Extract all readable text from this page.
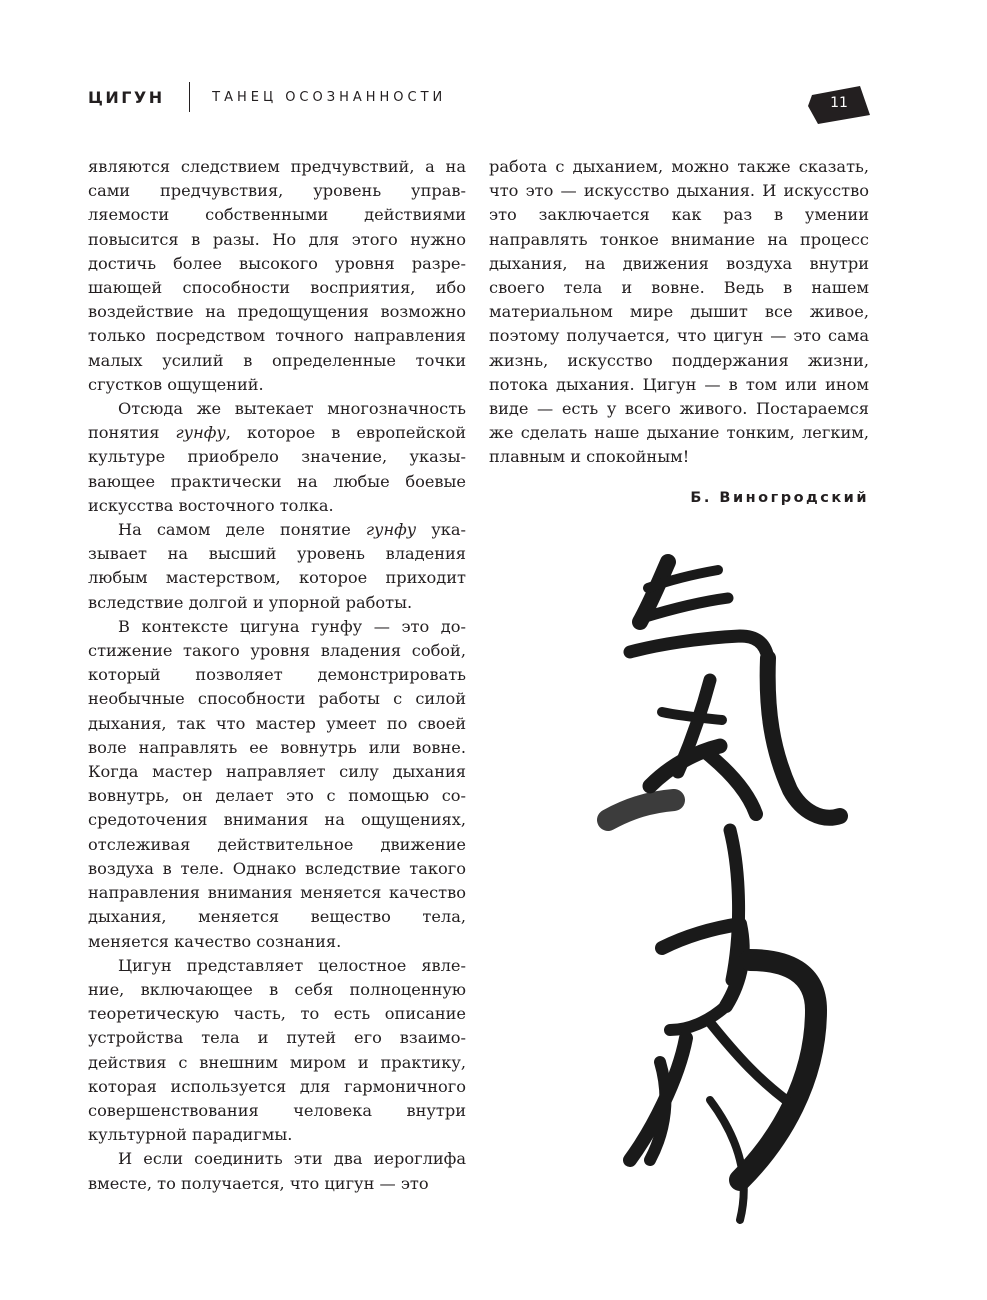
ЦИГУН	ТАНЕЦ ОСОЗНАННОСТИ	11

являются следствием предчувствий, а на сами предчувствия, уровень управляемости собственными действиями повысится в разы. Но для этого нужно достичь более высокого уровня разрешающей способности восприятия, ибо воздействие на предощущения возможно только посредством точного направления малых усилий в определенные точки сгустков ощущений.

Отсюда же вытекает многозначность понятия гунфу, которое в европейской культуре приобрело значение, указывающее практически на любые боевые искусства восточного толка.

На самом деле понятие гунфу указывает на высший уровень владения любым мастерством, которое приходит вследствие долгой и упорной работы.

В контексте цигуна гунфу — это достижение такого уровня владения собой, который позволяет демонстрировать необычные способности работы с силой дыхания, так что мастер умеет по своей воле направлять ее вовнутрь или вовне. Когда мастер направляет силу дыхания вовнутрь, он делает это с помощью сосредоточения внимания на ощущениях, отслеживая действительное движение воздуха в теле. Однако вследствие такого направления внимания меняется качество дыхания, меняется вещество тела, меняется качество сознания.

Цигун представляет целостное явление, включающее в себя полноценную теоретическую часть, то есть описание устройства тела и путей его взаимодействия с внешним миром и практику, которая используется для гармоничного совершенствования человека внутри культурной парадигмы.

И если соединить эти два иероглифа вместе, то получается, что цигун — это

работа с дыханием, можно также сказать, что это — искусство дыхания. И искусство это заключается как раз в умении направлять тонкое внимание на процесс дыхания, на движения воздуха внутри своего тела и вовне. Ведь в нашем материальном мире дышит все живое, поэтому получается, что цигун — это сама жизнь, искусство поддержания жизни, потока дыхания. Цигун — в том или ином виде — есть у всего живого. Постараемся же сделать наше дыхание тонким, легким, плавным и спокойным!

Б. Виногродский
